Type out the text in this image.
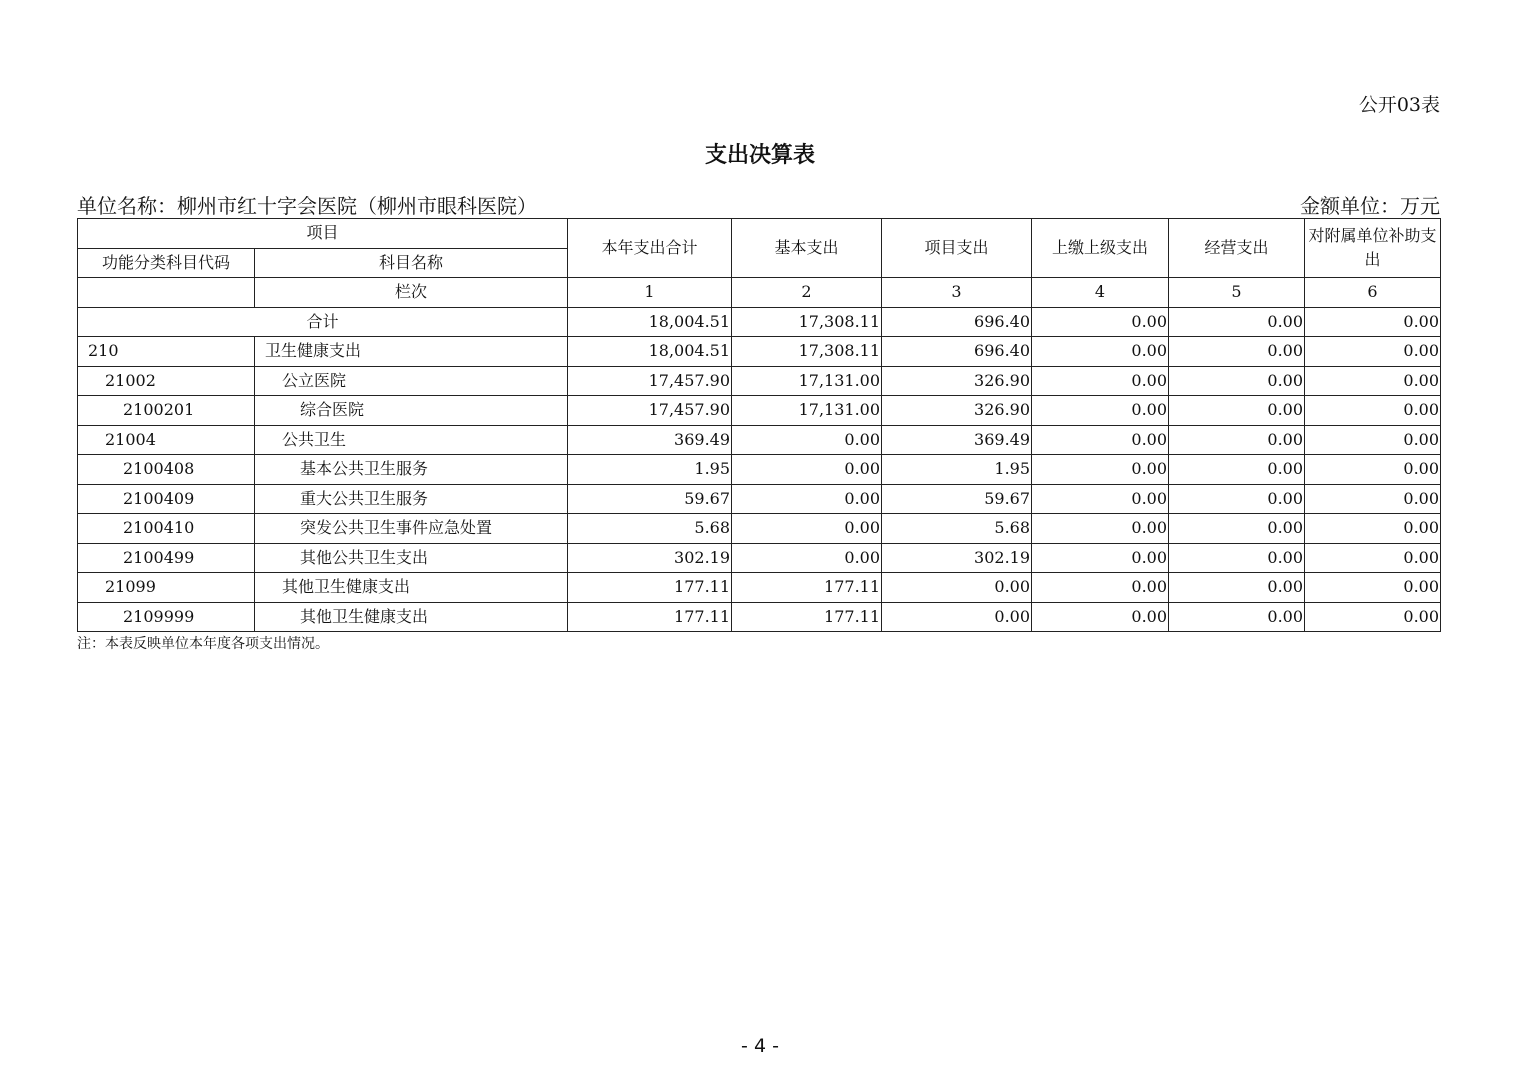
公开03表
支出决算表
单位名称：柳州市红十字会医院（柳州市眼科医院）	金额单位：万元
项目		本年支出合计	基本支出	项目支出	上缴上级支出	经营支出	对附属单位补助支出
功能分类科目代码	科目名称						
	栏次	1	2	3	4	5	6
合计		18,004.51	17,308.11	696.40	0.00	0.00	0.00
210	卫生健康支出	18,004.51	17,308.11	696.40	0.00	0.00	0.00
21002	公立医院	17,457.90	17,131.00	326.90	0.00	0.00	0.00
2100201	综合医院	17,457.90	17,131.00	326.90	0.00	0.00	0.00
21004	公共卫生	369.49	0.00	369.49	0.00	0.00	0.00
2100408	基本公共卫生服务	1.95	0.00	1.95	0.00	0.00	0.00
2100409	重大公共卫生服务	59.67	0.00	59.67	0.00	0.00	0.00
2100410	突发公共卫生事件应急处置	5.68	0.00	5.68	0.00	0.00	0.00
2100499	其他公共卫生支出	302.19	0.00	302.19	0.00	0.00	0.00
21099	其他卫生健康支出	177.11	177.11	0.00	0.00	0.00	0.00
2109999	其他卫生健康支出	177.11	177.11	0.00	0.00	0.00	0.00
注：本表反映单位本年度各项支出情况。
- 4 -
